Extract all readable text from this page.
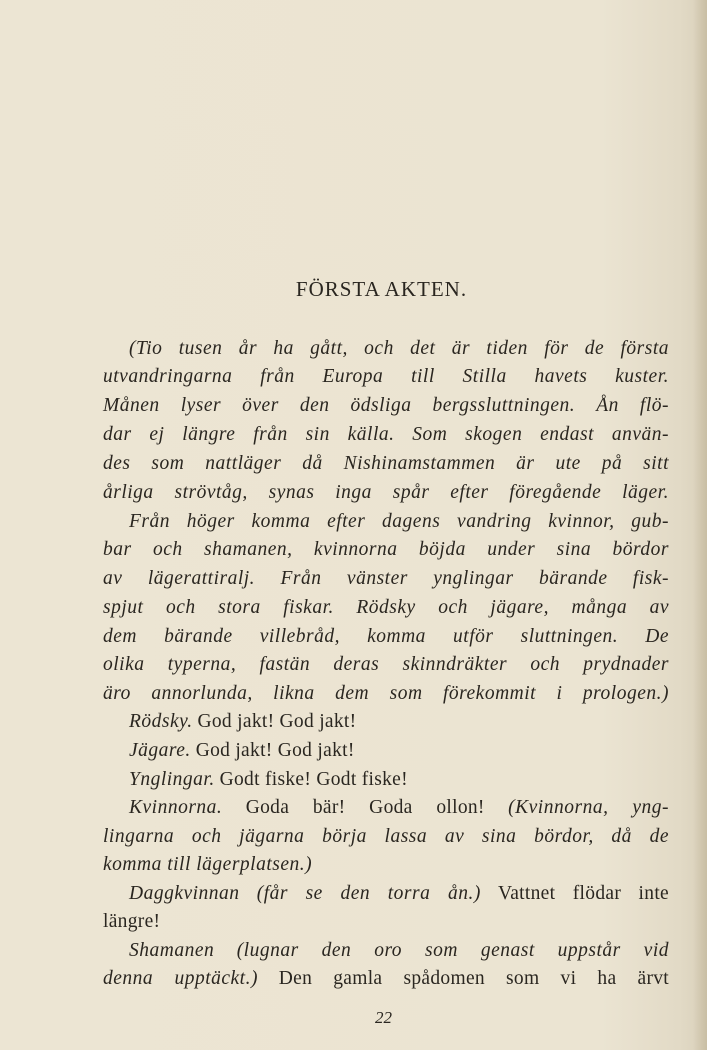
FÖRSTA AKTEN.
(Tio tusen år ha gått, och det är tiden för de första
utvandringarna från Europa till Stilla havets kuster.
Månen lyser över den ödsliga bergssluttningen. Ån flö-
dar ej längre från sin källa. Som skogen endast använ-
des som nattläger då Nishinamstammen är ute på sitt
årliga strövtåg, synas inga spår efter föregående läger.
Från höger komma efter dagens vandring kvinnor, gub-
bar och shamanen, kvinnorna böjda under sina bördor
av lägerattiralj. Från vänster ynglingar bärande fisk-
spjut och stora fiskar. Rödsky och jägare, många av
dem bärande villebråd, komma utför sluttningen. De
olika typerna, fastän deras skinndräkter och prydnader
äro annorlunda, likna dem som förekommit i prologen.)
Rödsky. God jakt! God jakt!
Jägare. God jakt! God jakt!
Ynglingar. Godt fiske! Godt fiske!
Kvinnorna. Goda bär! Goda ollon! (Kvinnorna, yng-
lingarna och jägarna börja lassa av sina bördor, då de
komma till lägerplatsen.)
Daggkvinnan (får se den torra ån.) Vattnet flödar inte
längre!
Shamanen (lugnar den oro som genast uppstår vid
denna upptäckt.) Den gamla spådomen som vi ha ärvt
22
